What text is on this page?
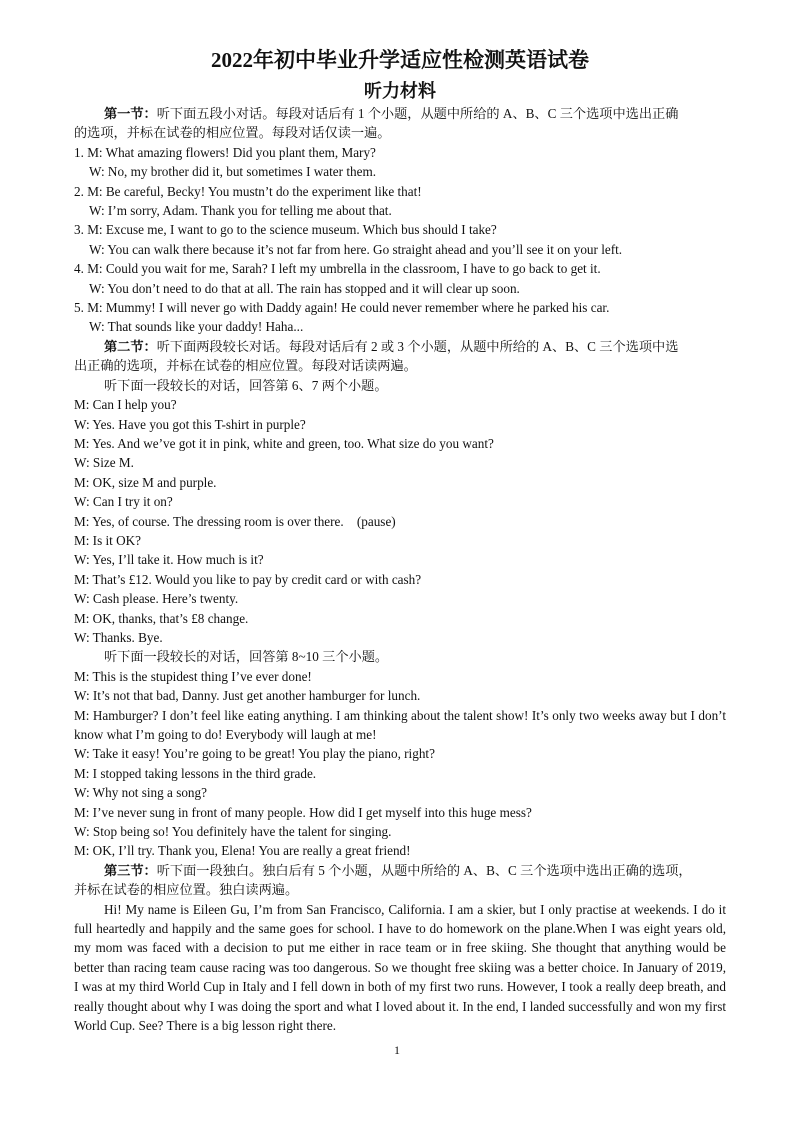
2022年初中毕业升学适应性检测英语试卷
听力材料

第一节：听下面五段小对话。每段对话后有 1 个小题，从题中所给的 A、B、C 三个选项中选出正确

的选项，并标在试卷的相应位置。每段对话仅读一遍。

1. M: What amazing flowers! Did you plant them, Mary?

W: No, my brother did it, but sometimes I water them.

2. M: Be careful, Becky! You mustn’t do the experiment like that!

W: I’m sorry, Adam. Thank you for telling me about that.

3. M: Excuse me, I want to go to the science museum. Which bus should I take?

W: You can walk there because it’s not far from here. Go straight ahead and you’ll see it on your left.

4. M: Could you wait for me, Sarah? I left my umbrella in the classroom, I have to go back to get it.

W: You don’t need to do that at all. The rain has stopped and it will clear up soon.

5. M: Mummy! I will never go with Daddy again! He could never remember where he parked his car.

W: That sounds like your daddy! Haha...

第二节：听下面两段较长对话。每段对话后有 2 或 3 个小题，从题中所给的 A、B、C 三个选项中选

出正确的选项，并标在试卷的相应位置。每段对话读两遍。

听下面一段较长的对话，回答第 6、7 两个小题。

M: Can I help you?

W: Yes. Have you got this T-shirt in purple?

M: Yes. And we’ve got it in pink, white and green, too. What size do you want?

W: Size M.

M: OK, size M and purple.

W: Can I try it on?

M: Yes, of course. The dressing room is over there.    (pause)

M: Is it OK?

W: Yes, I’ll take it. How much is it?

M: That’s £12. Would you like to pay by credit card or with cash?

W: Cash please. Here’s twenty.

M: OK, thanks, that’s £8 change.

W: Thanks. Bye.

听下面一段较长的对话，回答第 8~10 三个小题。

M: This is the stupidest thing I’ve ever done!

W: It’s not that bad, Danny. Just get another hamburger for lunch.

M: Hamburger? I don’t feel like eating anything. I am thinking about the talent show! It’s only two weeks away but I don’t know what I’m going to do! Everybody will laugh at me!

W: Take it easy! You’re going to be great! You play the piano, right?

M: I stopped taking lessons in the third grade.

W: Why not sing a song?

M: I’ve never sung in front of many people. How did I get myself into this huge mess?

W: Stop being so! You definitely have the talent for singing.

M: OK, I’ll try. Thank you, Elena! You are really a great friend!

第三节：听下面一段独白。独白后有 5 个小题，从题中所给的 A、B、C 三个选项中选出正确的选项，

并标在试卷的相应位置。独白读两遍。

Hi! My name is Eileen Gu, I’m from San Francisco, California. I am a skier, but I only practise at weekends. I do it full heartedly and happily and the same goes for school. I have to do homework on the plane.When I was eight years old, my mom was faced with a decision to put me either in race team or in free skiing. She thought that anything would be better than racing team cause racing was too dangerous. So we thought free skiing was a better choice. In January of 2019, I was at my third World Cup in Italy and I fell down in both of my first two runs. However, I took a really deep breath, and really thought about why I was doing the sport and what I loved about it. In the end, I landed successfully and won my first World Cup. See? There is a big lesson right there.

1
